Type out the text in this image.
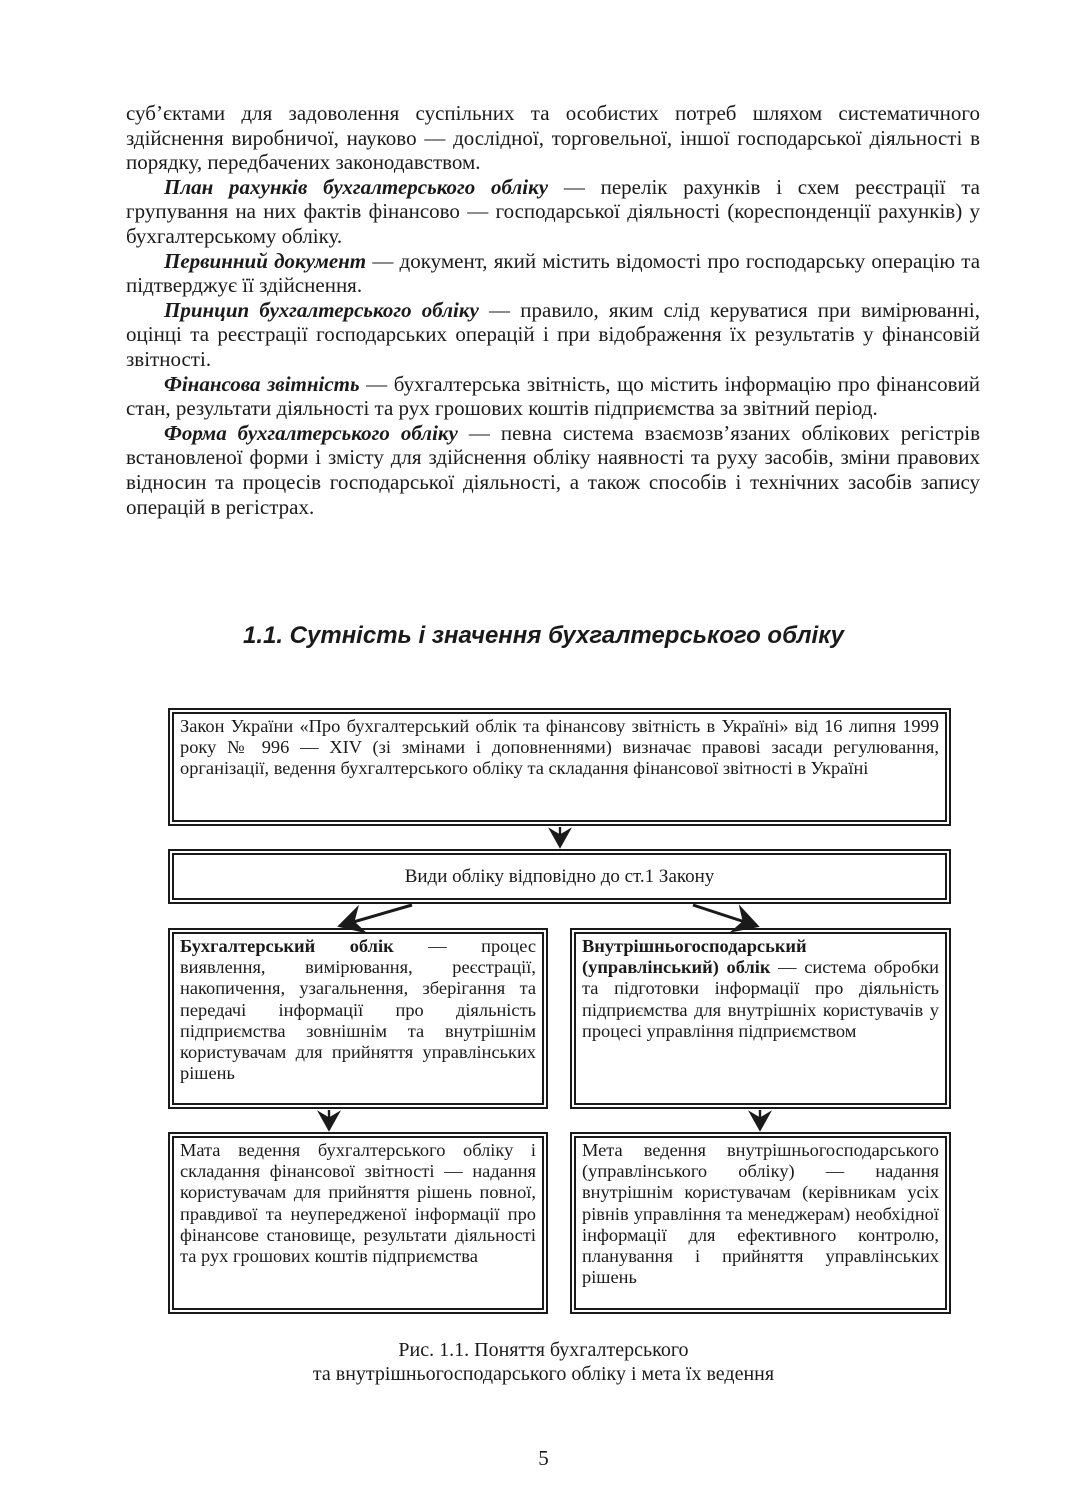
суб’єктами для задоволення суспільних та особистих потреб шляхом систематичного здійснення виробничої, науково — дослідної, торговельної, іншої господарської діяльності в порядку, передбачених законодавством.

План рахунків бухгалтерського обліку — перелік рахунків і схем реєстрації та групування на них фактів фінансово — господарської діяльності (кореспонденції рахунків) у бухгалтерському обліку.

Первинний документ — документ, який містить відомості про господарську операцію та підтверджує її здійснення.

Принцип бухгалтерського обліку — правило, яким слід керуватися при вимірюванні, оцінці та реєстрації господарських операцій і при відображення їх результатів у фінансовій звітності.

Фінансова звітність — бухгалтерська звітність, що містить інформацію про фінансовий стан, результати діяльності та рух грошових коштів підприємства за звітний період.

Форма бухгалтерського обліку — певна система взаємозв’язаних облікових регістрів встановленої форми і змісту для здійснення обліку наявності та руху засобів, зміни правових відносин та процесів господарської діяльності, а також способів і технічних засобів запису операцій в регістрах.

1.1. Сутність і значення бухгалтерського обліку

Закон України «Про бухгалтерський облік та фінансову звітність в Україні» від 16 липня 1999 року № 996 — XIV (зі змінами і доповненнями) визначає правові засади регулювання, організації, ведення бухгалтерського обліку та складання фінансової звітності в Україні

Види обліку відповідно до ст.1 Закону

Бухгалтерський облік — процес виявлення, вимірювання, реєстрації, накопичення, узагальнення, зберігання та передачі інформації про діяльність підприємства зовнішнім та внутрішнім користувачам для прийняття управлінських рішень

Внутрішньогосподарський (управлінський) облік — система обробки та підготовки інформації про діяльність підприємства для внутрішніх користувачів у процесі управління підприємством

Мата ведення бухгалтерського обліку і складання фінансової звітності — надання користувачам для прийняття рішень повної, правдивої та неупередженої інформації про фінансове становище, результати діяльності та рух грошових коштів підприємства

Мета ведення внутрішньогосподарського (управлінського обліку) — надання внутрішнім користувачам (керівникам усіх рівнів управління та менеджерам) необхідної інформації для ефективного контролю, планування і прийняття управлінських рішень

Рис. 1.1. Поняття бухгалтерського
та внутрішньогосподарського обліку і мета їх ведення
5
